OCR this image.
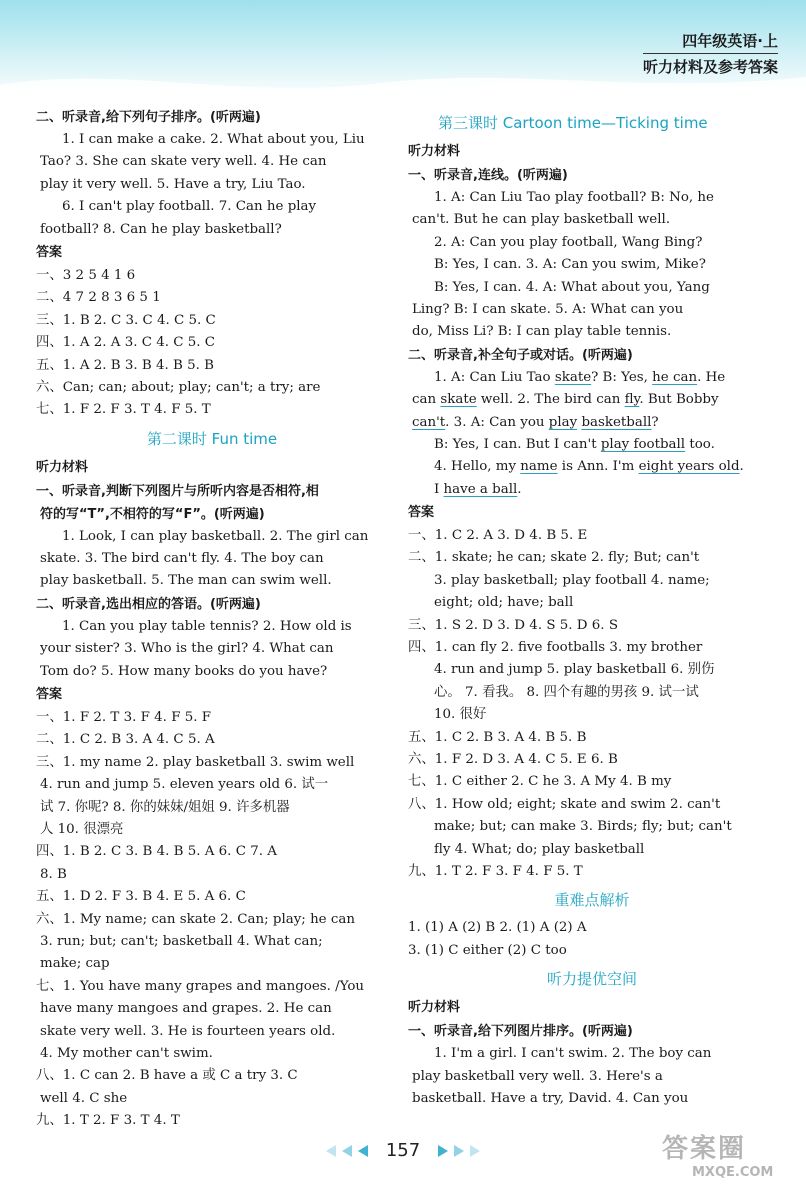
四年级英语·上
听力材料及参考答案
二、听录音,给下列句子排序。(听两遍)
1. I can make a cake. 2. What about you, Liu
Tao? 3. She can skate very well. 4. He can
play it very well. 5. Have a try, Liu Tao.
6. I can't play football. 7. Can he play
football? 8. Can he play basketball?
答案
一、3 2 5 4 1 6
二、4 7 2 8 3 6 5 1
三、1. B 2. C 3. C 4. C 5. C
四、1. A 2. A 3. C 4. C 5. C
五、1. A 2. B 3. B 4. B 5. B
六、Can; can; about; play; can't; a try; are
七、1. F 2. F 3. T 4. F 5. T
第二课时 Fun time
听力材料
一、听录音,判断下列图片与所听内容是否相符,相
符的写“T”,不相符的写“F”。(听两遍)
1. Look, I can play basketball. 2. The girl can
skate. 3. The bird can't fly. 4. The boy can
play basketball. 5. The man can swim well.
二、听录音,选出相应的答语。(听两遍)
1. Can you play table tennis? 2. How old is
your sister? 3. Who is the girl? 4. What can
Tom do? 5. How many books do you have?
答案
一、1. F 2. T 3. F 4. F 5. F
二、1. C 2. B 3. A 4. C 5. A
三、1. my name 2. play basketball 3. swim well
4. run and jump 5. eleven years old 6. 试一
试 7. 你呢? 8. 你的妹妹/姐姐 9. 许多机器
人 10. 很漂亮
四、1. B 2. C 3. B 4. B 5. A 6. C 7. A
8. B
五、1. D 2. F 3. B 4. E 5. A 6. C
六、1. My name; can skate 2. Can; play; he can
3. run; but; can't; basketball 4. What can;
make; cap
七、1. You have many grapes and mangoes. /You
have many mangoes and grapes. 2. He can
skate very well. 3. He is fourteen years old.
4. My mother can't swim.
八、1. C can 2. B have a 或 C a try 3. C
well 4. C she
九、1. T 2. F 3. T 4. T
第三课时 Cartoon time—Ticking time
听力材料
一、听录音,连线。(听两遍)
1. A: Can Liu Tao play football? B: No, he
can't. But he can play basketball well.
2. A: Can you play football, Wang Bing?
B: Yes, I can. 3. A: Can you swim, Mike?
B: Yes, I can. 4. A: What about you, Yang
Ling? B: I can skate. 5. A: What can you
do, Miss Li? B: I can play table tennis.
二、听录音,补全句子或对话。(听两遍)
1. A: Can Liu Tao skate? B: Yes, he can. He
can skate well. 2. The bird can fly. But Bobby
can't. 3. A: Can you play basketball?
B: Yes, I can. But I can't play football too.
4. Hello, my name is Ann. I'm eight years old.
I have a ball.
答案
一、1. C 2. A 3. D 4. B 5. E
二、1. skate; he can; skate 2. fly; But; can't
3. play basketball; play football 4. name;
eight; old; have; ball
三、1. S 2. D 3. D 4. S 5. D 6. S
四、1. can fly 2. five footballs 3. my brother
4. run and jump 5. play basketball 6. 别伤
心。 7. 看我。 8. 四个有趣的男孩 9. 试一试
10. 很好
五、1. C 2. B 3. A 4. B 5. B
六、1. F 2. D 3. A 4. C 5. E 6. B
七、1. C either 2. C he 3. A My 4. B my
八、1. How old; eight; skate and swim 2. can't
make; but; can make 3. Birds; fly; but; can't
fly 4. What; do; play basketball
九、1. T 2. F 3. F 4. F 5. T
重难点解析
1. (1) A (2) B 2. (1) A (2) A
3. (1) C either (2) C too
听力提优空间
听力材料
一、听录音,给下列图片排序。(听两遍)
1. I'm a girl. I can't swim. 2. The boy can
play basketball very well. 3. Here's a
basketball. Have a try, David. 4. Can you
157	答案圈
MXQE.COM
